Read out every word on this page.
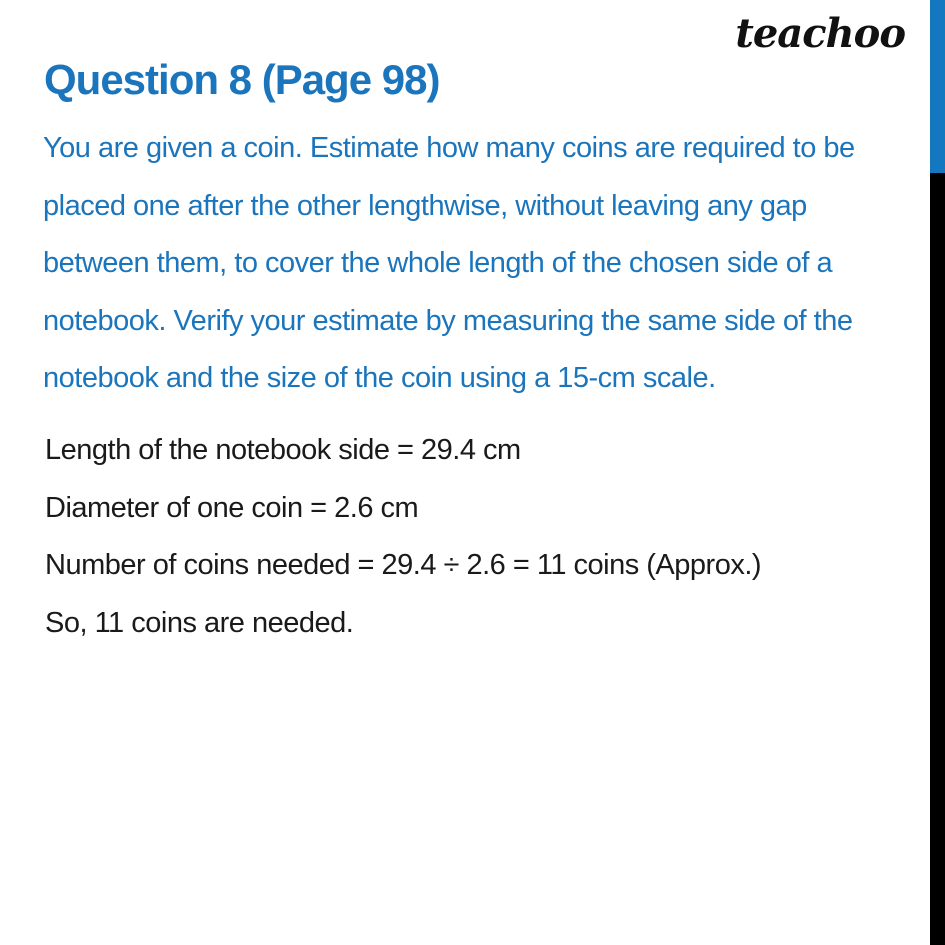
teachoo
Question 8 (Page 98)
You are given a coin. Estimate how many coins are required to be
placed one after the other lengthwise, without leaving any gap
between them, to cover the whole length of the chosen side of a
notebook. Verify your estimate by measuring the same side of the
notebook and the size of the coin using a 15-cm scale.
Length of the notebook side = 29.4 cm
Diameter of one coin = 2.6 cm
Number of coins needed = 29.4 ÷ 2.6 = 11 coins (Approx.)
So, 11 coins are needed.
